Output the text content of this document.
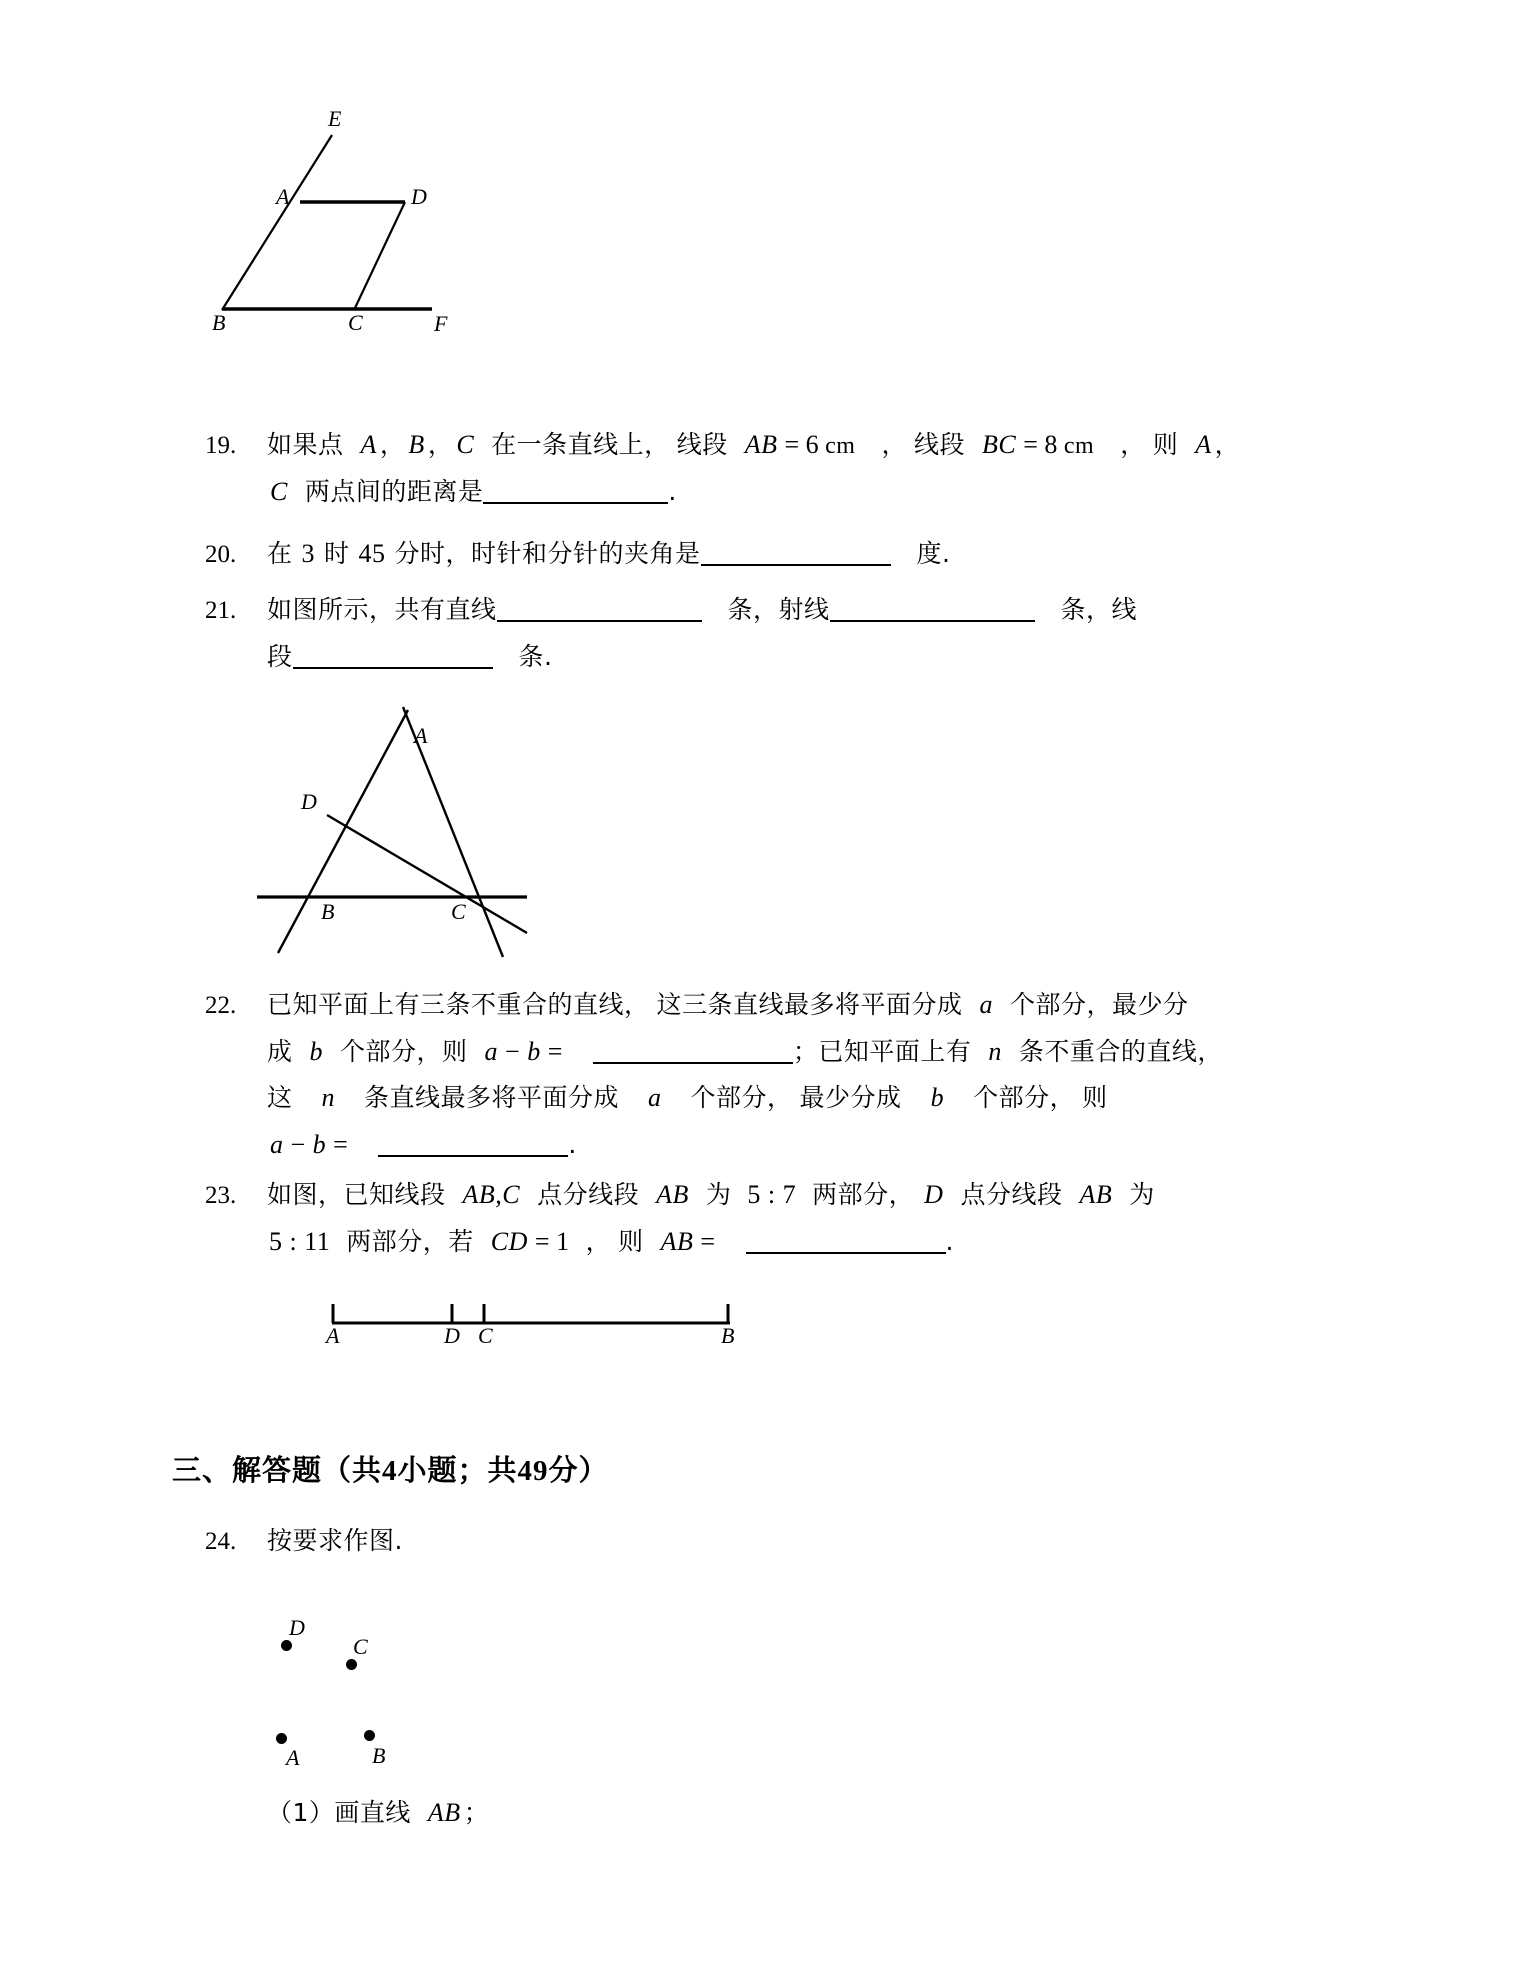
E
A	D
B	C	F
19.	如果点 A ， B ， C 在一条直线上， 线段 AB = 6 cm ， 线段 BC = 8 cm ， 则 A ，
C 两点间的距离是	.
20.	在 3 时 45 分时，时针和分针的夹角是	度.
21.	如图所示，共有直线	条，射线	条，线
段	条.
A
D
B	C
22.	已知平面上有三条不重合的直线， 这三条直线最多将平面分成 a 个部分，最少分
成 b 个部分，则 a − b =	；已知平面上有 n 条不重合的直线，
这 n 条直线最多将平面分成 a 个部分， 最少分成 b 个部分， 则
a − b =	.
23.	如图，已知线段 AB,C 点分线段 AB 为 5 : 7 两部分， D 点分线段 AB 为
5 : 11 两部分，若 CD = 1 ， 则 AB =	.
A	D C	B
三、解答题（共4小题；共49分）
24.	按要求作图.
D
C
A	B
（1）画直线 AB ；
